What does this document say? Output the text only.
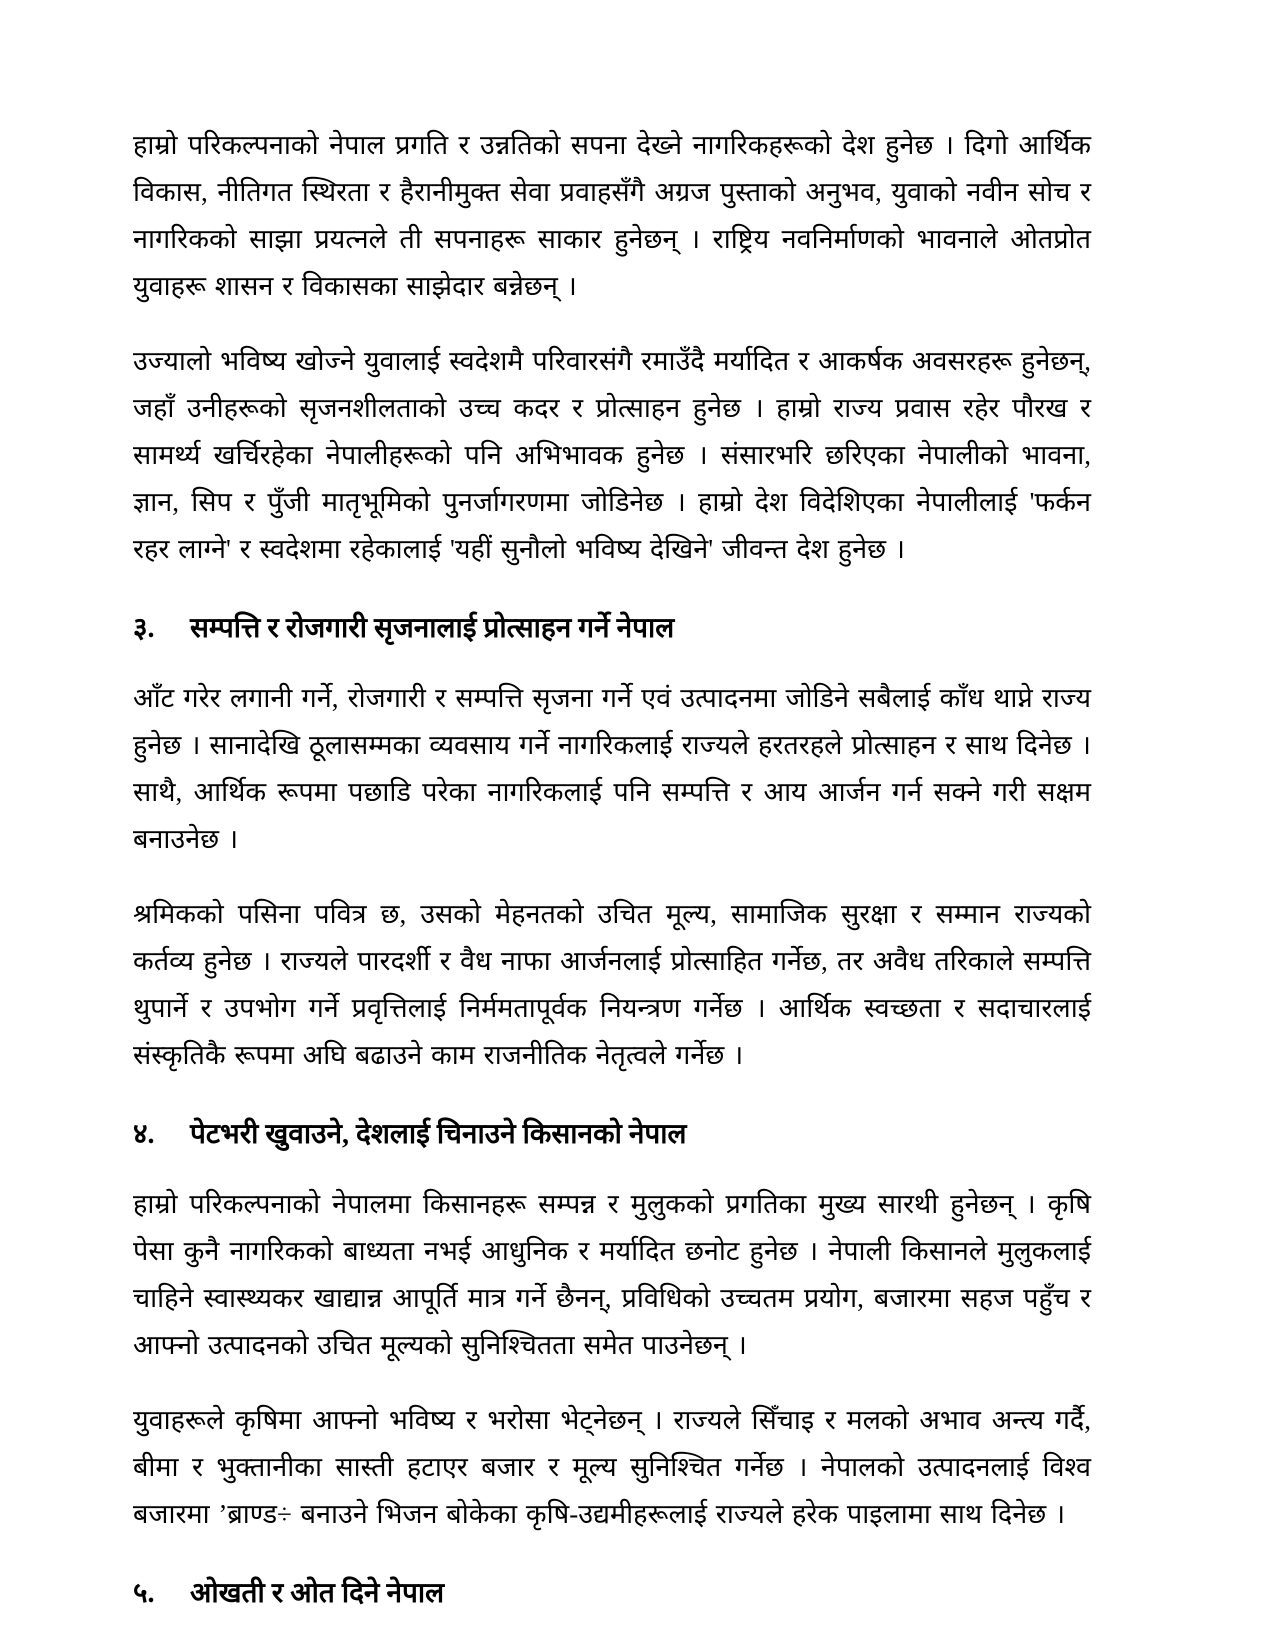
हाम्रो परिकल्पनाको नेपाल प्रगति र उन्नतिको सपना देख्ने नागरिकहरूको देश हुनेछ । दिगो आर्थिक विकास, नीतिगत स्थिरता र हैरानीमुक्त सेवा प्रवाहसँगै अग्रज पुस्ताको अनुभव, युवाको नवीन सोच र नागरिकको साझा प्रयत्नले ती सपनाहरू साकार हुनेछन् । राष्ट्रिय नवनिर्माणको भावनाले ओतप्रोत युवाहरू शासन र विकासका साझेदार बन्नेछन् ।

उज्यालो भविष्य खोज्ने युवालाई स्वदेशमै परिवारसंगै रमाउँदै मर्यादित र आकर्षक अवसरहरू हुनेछन्, जहाँ उनीहरूको सृजनशीलताको उच्च कदर र प्रोत्साहन हुनेछ । हाम्रो राज्य प्रवास रहेर पौरख र सामर्थ्य खर्चिरहेका नेपालीहरूको पनि अभिभावक हुनेछ । संसारभरि छरिएका नेपालीको भावना, ज्ञान, सिप र पुँजी मातृभूमिको पुनर्जागरणमा जोडिनेछ । हाम्रो देश विदेशिएका नेपालीलाई 'फर्कन रहर लाग्ने' र स्वदेशमा रहेकालाई 'यहीं सुनौलो भविष्य देखिने' जीवन्त देश हुनेछ ।

३.	सम्पत्ति र रोजगारी सृजनालाई प्रोत्साहन गर्ने नेपाल

आँट गरेर लगानी गर्ने, रोजगारी र सम्पत्ति सृजना गर्ने एवं उत्पादनमा जोडिने सबैलाई काँध थाप्ने राज्य हुनेछ । सानादेखि ठूलासम्मका व्यवसाय गर्ने नागरिकलाई राज्यले हरतरहले प्रोत्साहन र साथ दिनेछ । साथै, आर्थिक रूपमा पछाडि परेका नागरिकलाई पनि सम्पत्ति र आय आर्जन गर्न सक्ने गरी सक्षम बनाउनेछ ।

श्रमिकको पसिना पवित्र छ, उसको मेहनतको उचित मूल्य, सामाजिक सुरक्षा र सम्मान राज्यको कर्तव्य हुनेछ । राज्यले पारदर्शी र वैध नाफा आर्जनलाई प्रोत्साहित गर्नेछ, तर अवैध तरिकाले सम्पत्ति थुपार्ने र उपभोग गर्ने प्रवृत्तिलाई निर्ममतापूर्वक नियन्त्रण गर्नेछ । आर्थिक स्वच्छता र सदाचारलाई संस्कृतिकै रूपमा अघि बढाउने काम राजनीतिक नेतृत्वले गर्नेछ ।

४.	पेटभरी खुवाउने, देशलाई चिनाउने किसानको नेपाल

हाम्रो परिकल्पनाको नेपालमा किसानहरू सम्पन्न र मुलुकको प्रगतिका मुख्य सारथी हुनेछन् । कृषि पेसा कुनै नागरिकको बाध्यता नभई आधुनिक र मर्यादित छनोट हुनेछ । नेपाली किसानले मुलुकलाई चाहिने स्वास्थ्यकर खाद्यान्न आपूर्ति मात्र गर्ने छैनन्, प्रविधिको उच्चतम प्रयोग, बजारमा सहज पहुँच र आफ्नो उत्पादनको उचित मूल्यको सुनिश्चितता समेत पाउनेछन् ।

युवाहरूले कृषिमा आफ्नो भविष्य र भरोसा भेट्नेछन् । राज्यले सिँचाइ र मलको अभाव अन्त्य गर्दै, बीमा र भुक्तानीका सास्ती हटाएर बजार र मूल्य सुनिश्चित गर्नेछ । नेपालको उत्पादनलाई विश्व बजारमा ’ब्राण्ड÷ बनाउने भिजन बोकेका कृषि-उद्यमीहरूलाई राज्यले हरेक पाइलामा साथ दिनेछ ।

५.	ओखती र ओत दिने नेपाल
